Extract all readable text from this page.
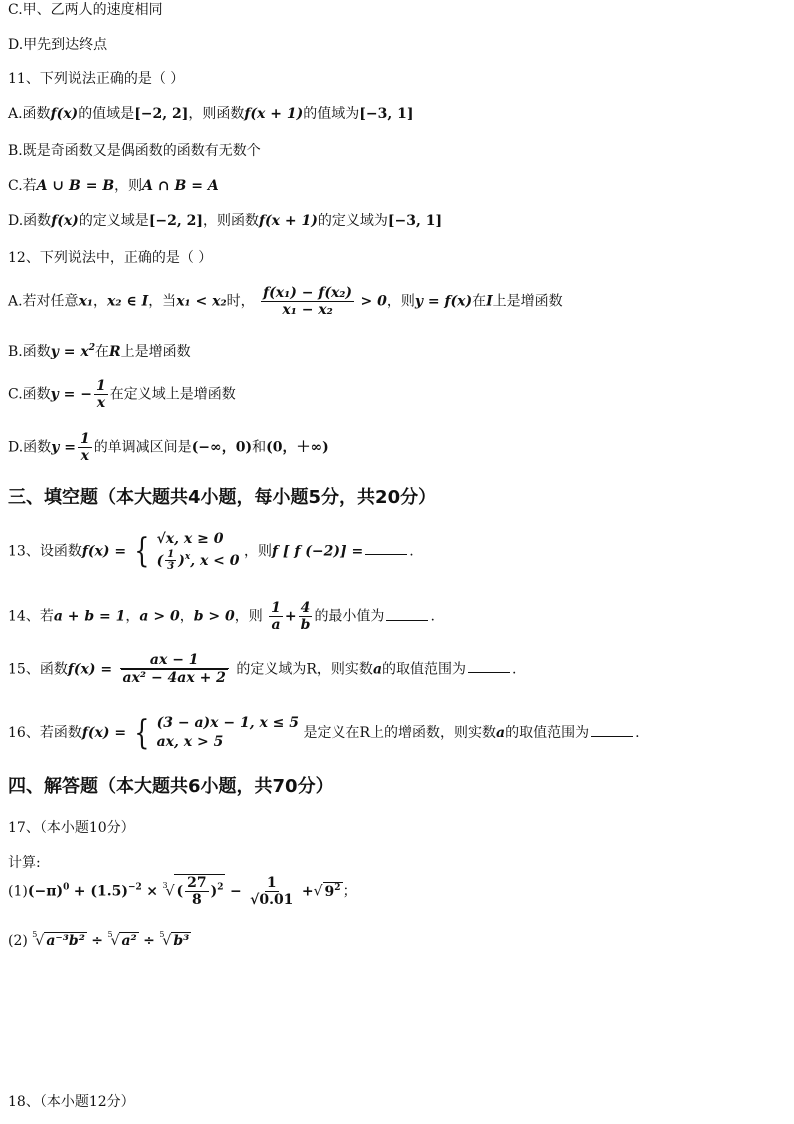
C.甲、乙两人的速度相同
D.甲先到达终点
11、下列说法正确的是（ ）
A.函数f(x)的值域是[−2, 2]，则函数f(x + 1)的值域为[−3, 1]
B.既是奇函数又是偶函数的函数有无数个
C.若A ∪ B = B，则A ∩ B = A
D.函数f(x)的定义域是[−2, 2]，则函数f(x + 1)的定义域为[−3, 1]
12、下列说法中，正确的是（ ）
A.若对任意x₁，x₂ ∈ I，当x₁ < x₂时， $\frac{\text{f(x₁) − f(x₂)}}{\text{x₁ − x₂}} > 0$，则y = f(x)在I上是增函数
B.函数$y = x^2$在R上是增函数
C.函数y = − $\frac{1}{x}$ 在定义域上是增函数
D.函数$y = \frac{1}{x}$ 的单调减区间是(−∞，0)和(0，＋∞)
三、填空题（本大题共4小题，每小题5分，共20分）
13、设函数f(x) = { √x, x ≥ 0
( $\frac{1}{3} )^x$, x < 0
，则f [ f (−2)] =	.
14、若a + b = 1，a > 0，b > 0，则 $\frac{1}{a} + \frac{4}{b}$ 的最小值为	.
15、函数$f(x) = \frac{ax - 1}{\text{ax² − 4ax + 2}}$ 的定义域为R，则实数a的取值范围为	.
16、若函数f(x) = { (3 − a)x − 1, x ≤ 5
ax, x > 5
是定义在R上的增函数，则实数a的取值范围为	.
四、解答题（本大题共6小题，共70分）
17、（本小题10分）
计算:
$(1)(-\pi)^0 + (1.5)^{-2} \times ^3√$ ( $\frac{27}{8} )^2 - \frac{1}{√0.01}$ +√ $9^2$ ；
(2) $^5$√ a⁻³b² ÷ $^5$√ a² ÷ $^5$√ b³
18、（本小题12分）
